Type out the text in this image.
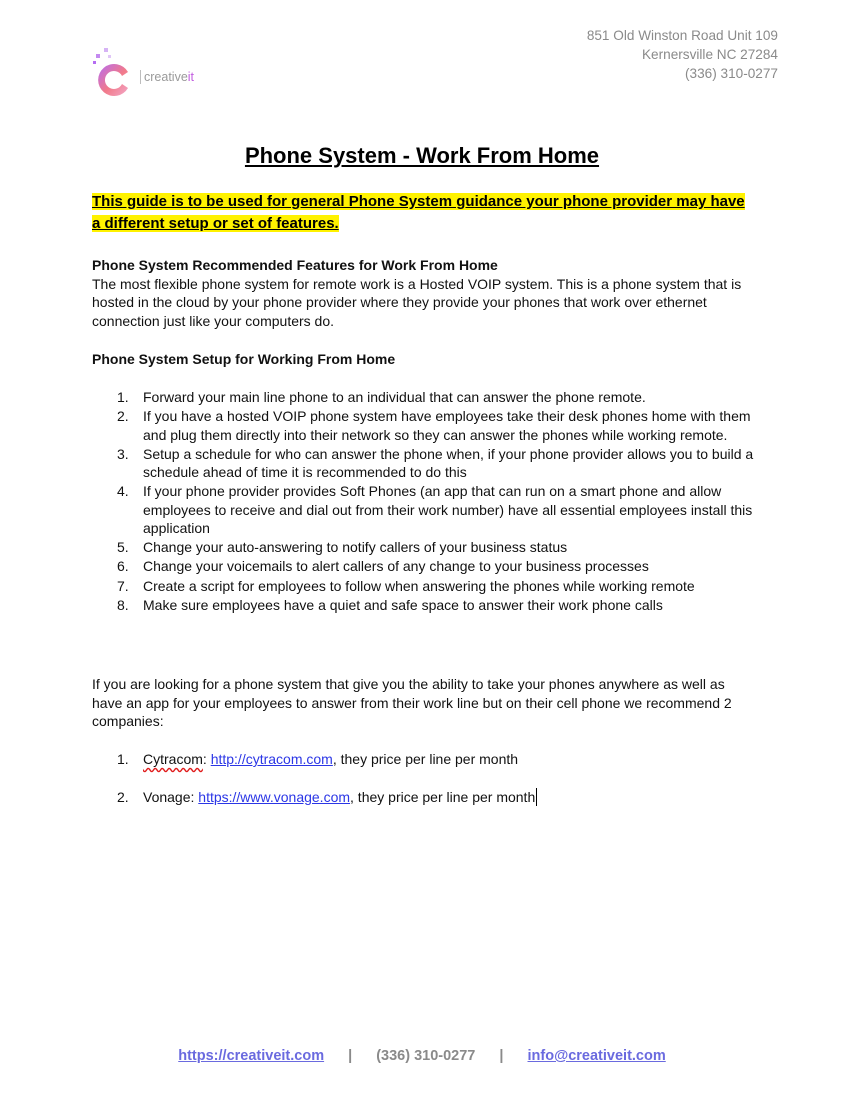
851 Old Winston Road Unit 109
Kernersville NC 27284
(336) 310-0277
creativeit
Phone System - Work From Home
This guide is to be used for general Phone System guidance your phone provider may have a different setup or set of features.
Phone System Recommended Features for Work From Home
The most flexible phone system for remote work is a Hosted VOIP system. This is a phone system that is hosted in the cloud by your phone provider where they provide your phones that work over ethernet connection just like your computers do.
Phone System Setup for Working From Home
1. Forward your main line phone to an individual that can answer the phone remote.
2. If you have a hosted VOIP phone system have employees take their desk phones home with them and plug them directly into their network so they can answer the phones while working remote.
3. Setup a schedule for who can answer the phone when, if your phone provider allows you to build a schedule ahead of time it is recommended to do this
4. If your phone provider provides Soft Phones (an app that can run on a smart phone and allow employees to receive and dial out from their work number) have all essential employees install this application
5. Change your auto-answering to notify callers of your business status
6. Change your voicemails to alert callers of any change to your business processes
7. Create a script for employees to follow when answering the phones while working remote
8. Make sure employees have a quiet and safe space to answer their work phone calls
If you are looking for a phone system that give you the ability to take your phones anywhere as well as have an app for your employees to answer from their work line but on their cell phone we recommend 2 companies:
1. Cytracom: http://cytracom.com, they price per line per month
2. Vonage: https://www.vonage.com, they price per line per month
https://creativeit.com | (336) 310-0277 | info@creativeit.com
